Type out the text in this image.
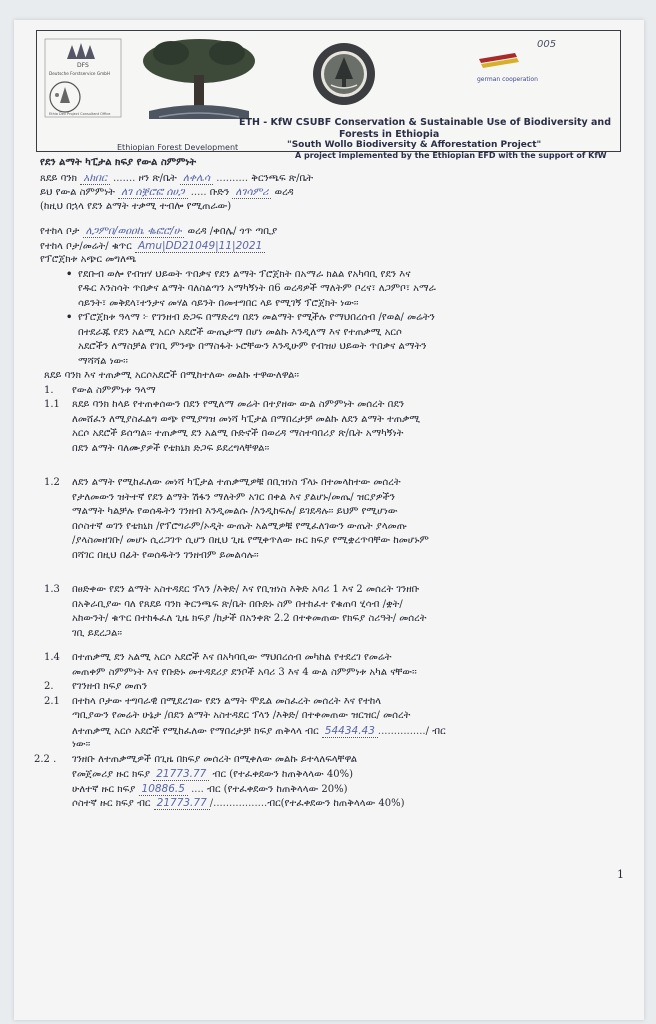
DFS
Deutsche Forstservice GmbH
Ethio Dev Project Consultant Office
german cooperation
005
ETH - KfW CSUBF Conservation & Sustainable Use of Biodiversity and
Forests in Ethiopia
"South Wollo Biodiversity & Afforestation Project"
Ethiopian Forest Development
A project implemented by the Ethiopian EFD with the support of KfW
የደን ልማት ካፒታል ክፍያ የውል ስምምነት
ጸደይ ባንክ አክበር ....... ዞን ጽ/ቤት ለቀሌሳ .......... ቅርንጫፍ ጽ/ቤት
ይህ የውል ስምምነት ለገ ሰቛሮፎ ሰሀጋ ..... ቡድን ለገሳምሪ ወረዳ
(ከዚህ በኋላ የደን ልማት ተቃሚ ተብሎ የሚጠራው)
የተከላ ቦታ ለጋምበ/ወዐዐኬ ቈፎሮ/ሁ ወረዳ /ቀበሌ/ ጎጥ ጣቢያ
የተከላ ቦታ/መሬት/ ቁጥር Amu|DD21049|11|2021
የፕሮጀክቱ አጭር መግለጫ
• የደቡብ ወሎ የብዝሃ ህይወት ጥበቃና የደን ልማት ፕሮጀክት በአማራ ክልል የአካባቢ የደን እና
የዱር እንስሳት ጥበቃና ልማት ባለስልጣን አማካኝነት በ6 ወረዳዎች ማለትም ቦረና፣ ለጋምቦ፣ አማራ
ሳይንት፣ መቅደላ፣ተንታና መሃል ሳይንት በመተግበር ላይ የሚገኝ ፕሮጀክት ነው፡፡
• የፕሮጀክቱ ዓላማ ፦ የገንዘብ ድጋፍ በማድረግ በደን መልማት የሚችሉ የማህበረሰብ /የወል/ መሬትን
በተደራጁ የደን አልሚ አርሶ አደሮች ውጤታማ በሆነ መልኩ እንዲለማ እና የተጠቃሚ አርሶ
አደሮችን ለማስቻል የገቢ ምንጭ በማስፋት ኑሮቸውን እንዲሁም የብዝሀ ህይወት ጥበቃና ልማትን
ማሻሻል ነው፡፡
ጸደይ ባንክ እና ተጠቃሚ አርሶአደሮች በሚከተለው መልኩ ተዋውለዋል፡፡
1. የውል ስምምነቱ ዓላማ
1.1 ጸደይ ባንክ ከላይ የተጠቀሰውን በደን የሚለማ መሬት በተያዘው ውል ስምምነት መሰረት በደን
ለመሸፈን ለሚያስፈልግ ወጭ የሚያግዝ መነሻ ካፒታል በማበረታቻ መልኩ ለደን ልማት ተጠቃሚ
አርሶ አደሮች ይሰጣል፡፡ ተጠቃሚ ደን አልሚ ቡድኖች በወረዳ ማስተባበሪያ ጽ/ቤት አማካኝነት
በደን ልማት ባለሙያዎች የቴክኒክ ድጋፍ ይደረግላቸዋል፡፡
1.2 ለደን ልማት የሚከፈለው መነሻ ካፒታል ተጠቃሚዎቹ በቢዝነስ ፕላኑ በተመላከተው መሰረት
የታለመውን ዝትተኛ የደን ልማት ሽፋን ማለትም አገር በቀል እና ያልሆኑ/መጤ/ ዝርያዎችን
ማልማት ካልቻሉ የወሰዱትን ገንዘብ እንዲመልሱ /እንዲከፍሉ/ ይገደዳሉ፡፡ ይህም የሚሆነው
በሶስተኛ ወገን የቴክኒክ /የፕሮግራም/ኦዲት ውጤት አልሚዎቹ የሚፈለገውን ውጤት ያላመጡ
/ያላስመዘገቡ/ መሆኑ ሲረጋገጥ ሲሆን በዚህ ጊዜ የሚቀጥለው ዙር ክፍያ የሚቋረጥባቸው ከመሆኑም
በሻገር በዚህ በፊት የወሰዱትን ገንዘብም ይመልሳሉ፡፡
1.3 በፀድቀው የደን ልማት አስተዳደር ፕላን /እቅድ/ እና የቢዝነስ እቅድ አባሪ 1 እና 2 መሰረት ገንዘቡ
በአቅራቢያው ባለ የጸደይ ባንክ ቅርንጫፍ ጽ/ቤት በቡድኑ ስም በተከፈተ የቁጠባ ሂሳብ /ቋት/
አከውንት/ ቁጥር በተከፋፈለ ጊዜ ክፍያ /ከታች በአንቀጽ 2.2 በተቀመጠው የክፍያ ስሪዓት/ መሰረት
ገቢ ይደረጋል፡፡
1.4 በተጠቃሚ ደን አልሚ አርሶ አደሮች እና በአካባቢው ማህበረሰብ መካከል የተደረገ የመሬት
መጠቀም ስምምነት እና የቡድኑ መተዳደሪያ ደንቦች አባሪ 3 እና 4 ውል ስምምነቱ አካል ናቸው፡፡
2. የገንዘብ ክፍያ መጠን
2.1 በተከላ ቦታው ተግባራዊ በሚደረገው የደን ልማት ሞዴል መስፈረት መሰረት እና የተከላ
ጣቢያውን የመሬት ሁኔታ /በደን ልማት አስተዳደር ፕላን /እቅድ/ በተቀመጠው ዝርዝር/ መሰረት
ለተጠቃሚ አርሶ አደሮች የሚከፈለው የማበረታቻ ክፍያ ጠቅላላ ብር 54434.43 .............../ ብር
ነው፡፡
2.2 . ገንዘቡ ለተጠቃሚዎች በጊዜ በክፍያ መሰረት በሚቀለው መልኩ ይተላለፍላቸዋል
የመጀመሪያ ዙር ክፍያ 21773.77 ብር (የተፈቀደውን ከጠቅላላው 40%)
ሁለተኛ ዙር ክፍያ 10886.5 .... ብር (የተፈቀደውን ከጠቅላላው 20%)
ሶስተኛ ዙር ክፍያ ብር 21773.77 /.................ብር(የተፈቀደውን ከጠቅላላው 40%)
1
